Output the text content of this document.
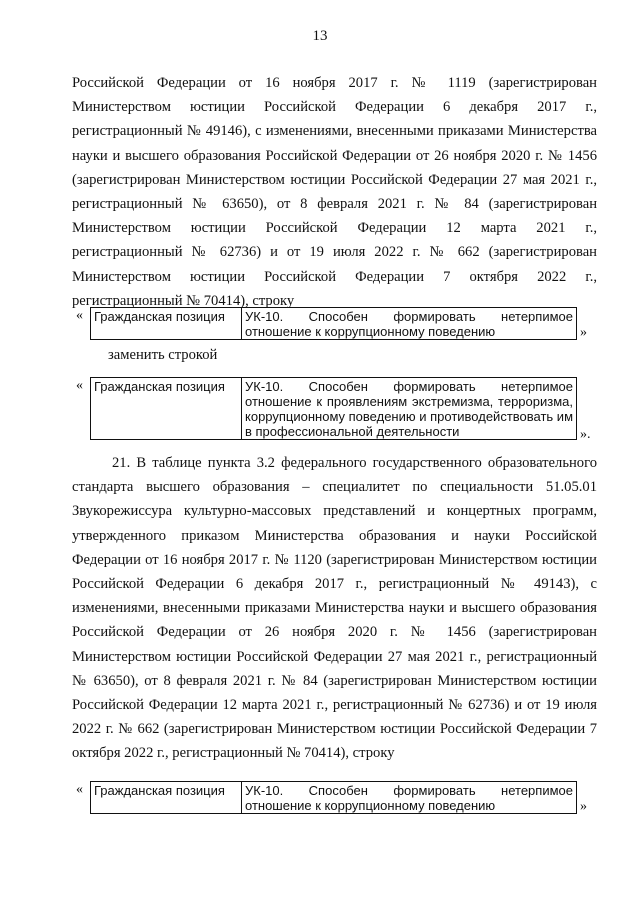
13

Российской Федерации от 16 ноября 2017 г. № 1119 (зарегистрирован Министерством юстиции Российской Федерации 6 декабря 2017 г., регистрационный № 49146), с изменениями, внесенными приказами Министерства науки и высшего образования Российской Федерации от 26 ноября 2020 г. № 1456 (зарегистрирован Министерством юстиции Российской Федерации 27 мая 2021 г., регистрационный № 63650), от 8 февраля 2021 г. № 84 (зарегистрирован Министерством юстиции Российской Федерации 12 марта 2021 г., регистрационный № 62736) и от 19 июля 2022 г. № 662 (зарегистрирован Министерством юстиции Российской Федерации 7 октября 2022 г., регистрационный № 70414), строку

« Гражданская позиция	УК-10. Способен формировать нетерпимое отношение к коррупционному поведению	»
заменить строкой
« Гражданская позиция	УК-10. Способен формировать нетерпимое отношение к проявлениям экстремизма, терроризма, коррупционному поведению и противодействовать им в профессиональной деятельности	».

21. В таблице пункта 3.2 федерального государственного образовательного стандарта высшего образования – специалитет по специальности 51.05.01 Звукорежиссура культурно-массовых представлений и концертных программ, утвержденного приказом Министерства образования и науки Российской Федерации от 16 ноября 2017 г. № 1120 (зарегистрирован Министерством юстиции Российской Федерации 6 декабря 2017 г., регистрационный № 49143), с изменениями, внесенными приказами Министерства науки и высшего образования Российской Федерации от 26 ноября 2020 г. № 1456 (зарегистрирован Министерством юстиции Российской Федерации 27 мая 2021 г., регистрационный № 63650), от 8 февраля 2021 г. № 84 (зарегистрирован Министерством юстиции Российской Федерации 12 марта 2021 г., регистрационный № 62736) и от 19 июля 2022 г. № 662 (зарегистрирован Министерством юстиции Российской Федерации 7 октября 2022 г., регистрационный № 70414), строку

« Гражданская позиция	УК-10. Способен формировать нетерпимое отношение к коррупционному поведению	»
